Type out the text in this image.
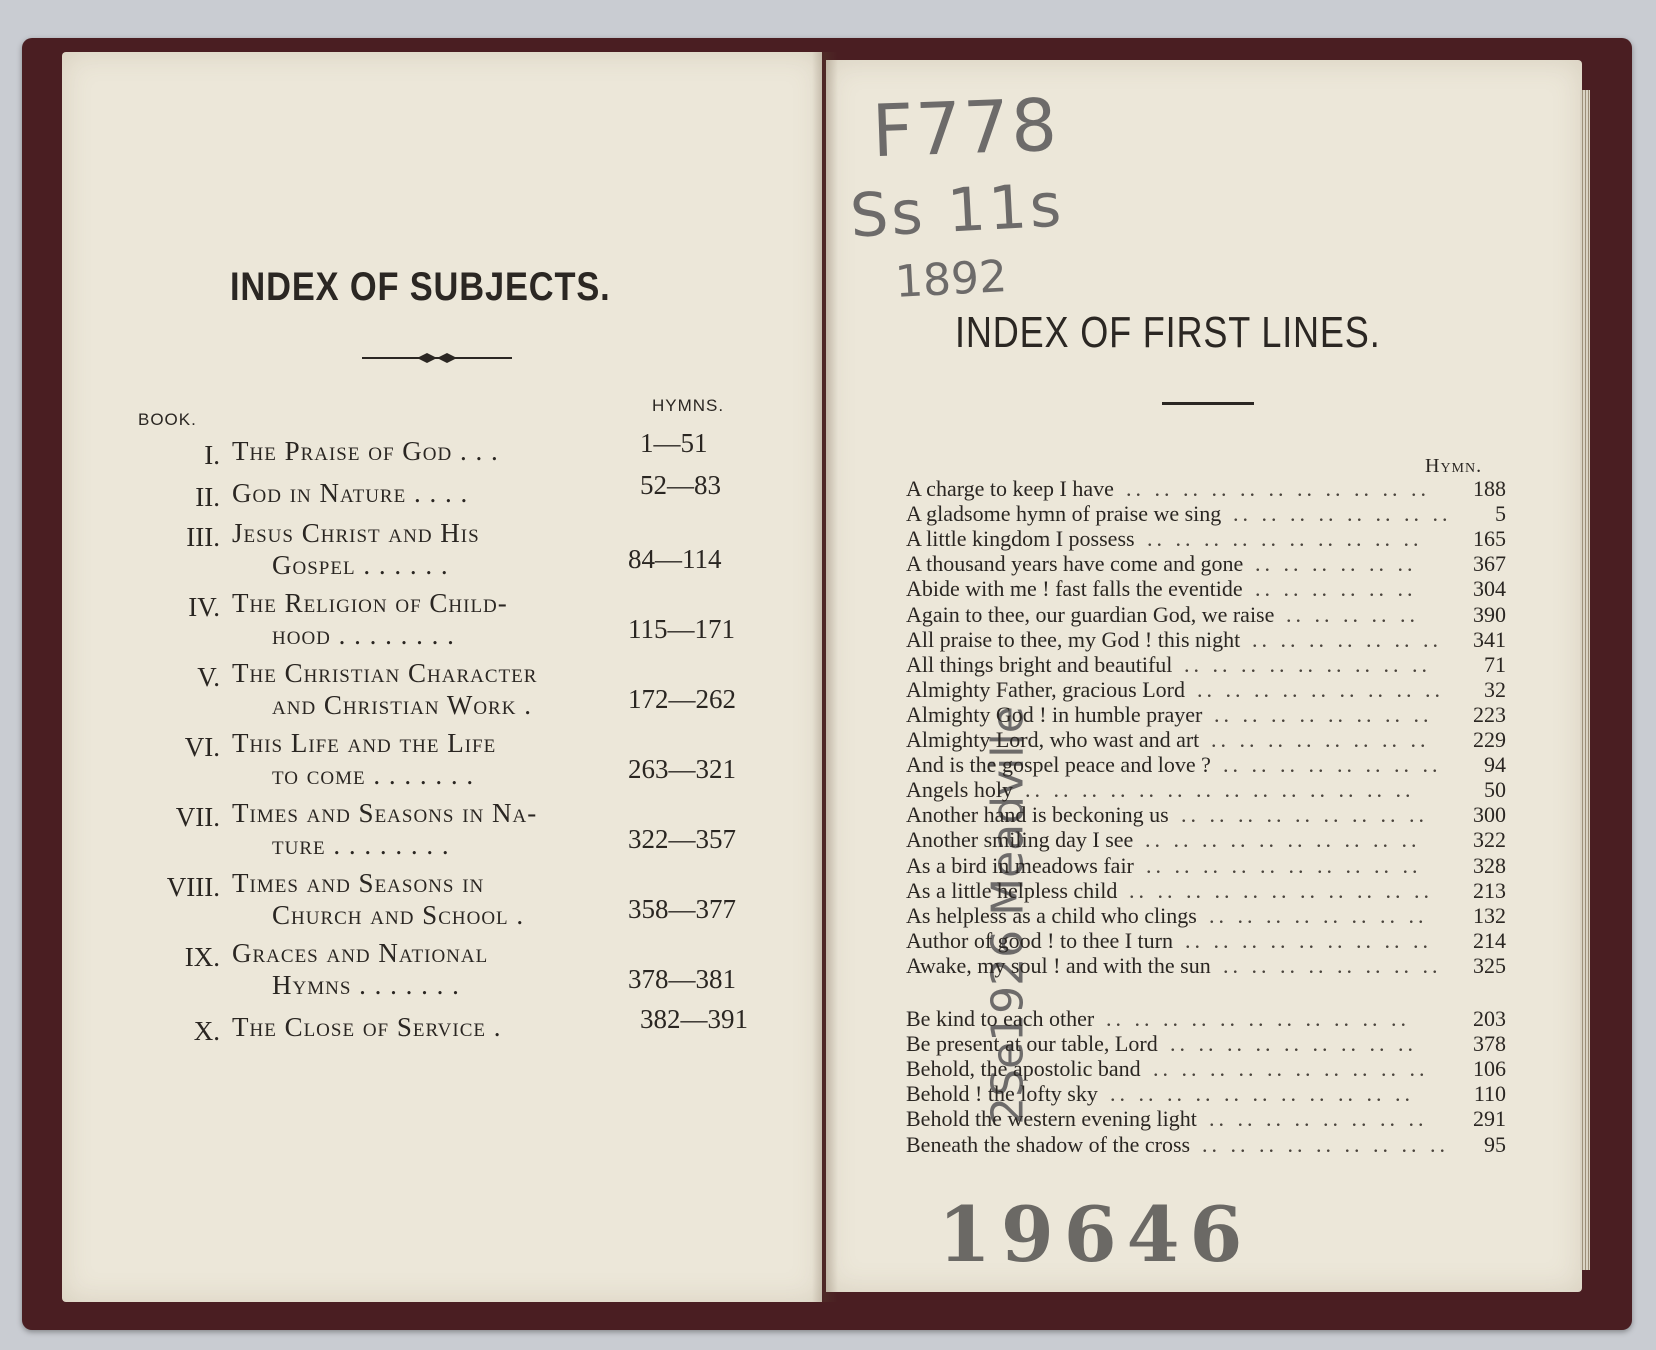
INDEX OF SUBJECTS.
BOOK.
HYMNS.
I. The Praise of God . . .	1—51
II. God in Nature . . . .	52—83
III. Jesus Christ and His
Gospel . . . . . .	84—114
IV. The Religion of Child-
hood . . . . . . . .	115—171
V. The Christian Character
and Christian Work .	172—262
VI. This Life and the Life
to come . . . . . . .	263—321
VII. Times and Seasons in Na-
ture . . . . . . . .	322—357
VIII. Times and Seasons in
Church and School .	358—377
IX. Graces and National
Hymns . . . . . . .	378—381
X. The Close of Service .	382—391
F778
Ss 11s
1892
2Se1926 Meadville
INDEX OF FIRST LINES.
Hymn.
A charge to keep I have .. .. .. .. .. .. .. .. .. .. .. 188
A gladsome hymn of praise we sing .. .. .. .. .. .. .. .. 5
A little kingdom I possess .. .. .. .. .. .. .. .. .. .. 165
A thousand years have come and gone .. .. .. .. .. ..	367
Abide with me ! fast falls the eventide .. .. .. .. .. ..	304
Again to thee, our guardian God, we raise .. .. .. .. .. 390
All praise to thee, my God ! this night .. .. .. .. .. .. .. 341
All things bright and beautiful .. .. .. .. .. .. .. .. .. 71
Almighty Father, gracious Lord .. .. .. .. .. .. .. .. .. 32
Almighty God ! in humble prayer .. .. .. .. .. .. .. .. 223
Almighty Lord, who wast and art .. .. .. .. .. .. .. .. 229
And is the gospel peace and love ? .. .. .. .. .. .. .. .. 94
Angels holy .. .. .. .. .. .. .. .. .. .. .. .. .. ..	50
Another hand is beckoning us .. .. .. .. .. .. .. .. .. 300
Another smiling day I see .. .. .. .. .. .. .. .. .. .. 322
As a bird in meadows fair .. .. .. .. .. .. .. .. .. .. 328
As a little helpless child .. .. .. .. .. .. .. .. .. .. .. 213
As helpless as a child who clings .. .. .. .. .. .. .. .. 132
Author of good ! to thee I turn .. .. .. .. .. .. .. .. .. 214
Awake, my soul ! and with the sun .. .. .. .. .. .. .. .. 325
Be kind to each other .. .. .. .. .. .. .. .. .. .. ..	203
Be present at our table, Lord .. .. .. .. .. .. .. .. ..	378
Behold, the apostolic band .. .. .. .. .. .. .. .. .. .. 106
Behold ! the lofty sky .. .. .. .. .. .. .. .. .. .. ..	110
Behold the western evening light .. .. .. .. .. .. .. .. 291
Beneath the shadow of the cross .. .. .. .. .. .. .. .. .. 95
19646
